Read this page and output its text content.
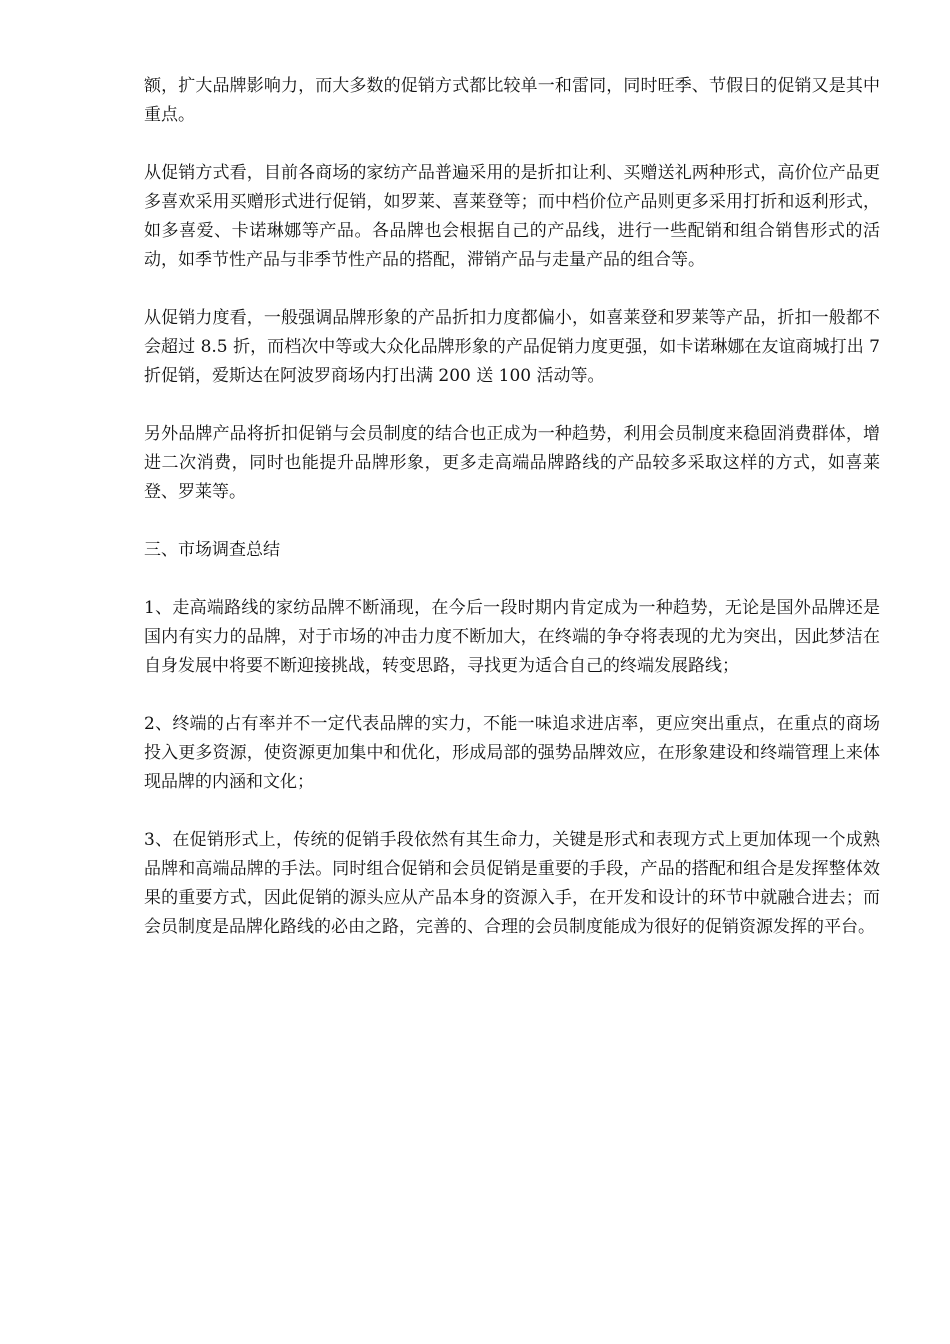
额，扩大品牌影响力，而大多数的促销方式都比较单一和雷同，同时旺季、节假日的促销又是其中重点。

从促销方式看，目前各商场的家纺产品普遍采用的是折扣让利、买赠送礼两种形式，高价位产品更多喜欢采用买赠形式进行促销，如罗莱、喜莱登等；而中档价位产品则更多采用打折和返利形式，如多喜爱、卡诺琳娜等产品。各品牌也会根据自己的产品线，进行一些配销和组合销售形式的活动，如季节性产品与非季节性产品的搭配，滞销产品与走量产品的组合等。

从促销力度看，一般强调品牌形象的产品折扣力度都偏小，如喜莱登和罗莱等产品，折扣一般都不会超过 8.5 折，而档次中等或大众化品牌形象的产品促销力度更强，如卡诺琳娜在友谊商城打出 7 折促销，爱斯达在阿波罗商场内打出满 200 送 100 活动等。

另外品牌产品将折扣促销与会员制度的结合也正成为一种趋势，利用会员制度来稳固消费群体，增进二次消费，同时也能提升品牌形象，更多走高端品牌路线的产品较多采取这样的方式，如喜莱登、罗莱等。

三、市场调查总结

1、走高端路线的家纺品牌不断涌现，在今后一段时期内肯定成为一种趋势，无论是国外品牌还是国内有实力的品牌，对于市场的冲击力度不断加大，在终端的争夺将表现的尤为突出，因此梦洁在自身发展中将要不断迎接挑战，转变思路，寻找更为适合自己的终端发展路线；

2、终端的占有率并不一定代表品牌的实力，不能一味追求进店率，更应突出重点，在重点的商场投入更多资源，使资源更加集中和优化，形成局部的强势品牌效应，在形象建设和终端管理上来体现品牌的内涵和文化；

3、在促销形式上，传统的促销手段依然有其生命力，关键是形式和表现方式上更加体现一个成熟品牌和高端品牌的手法。同时组合促销和会员促销是重要的手段，产品的搭配和组合是发挥整体效果的重要方式，因此促销的源头应从产品本身的资源入手，在开发和设计的环节中就融合进去；而会员制度是品牌化路线的必由之路，完善的、合理的会员制度能成为很好的促销资源发挥的平台。
